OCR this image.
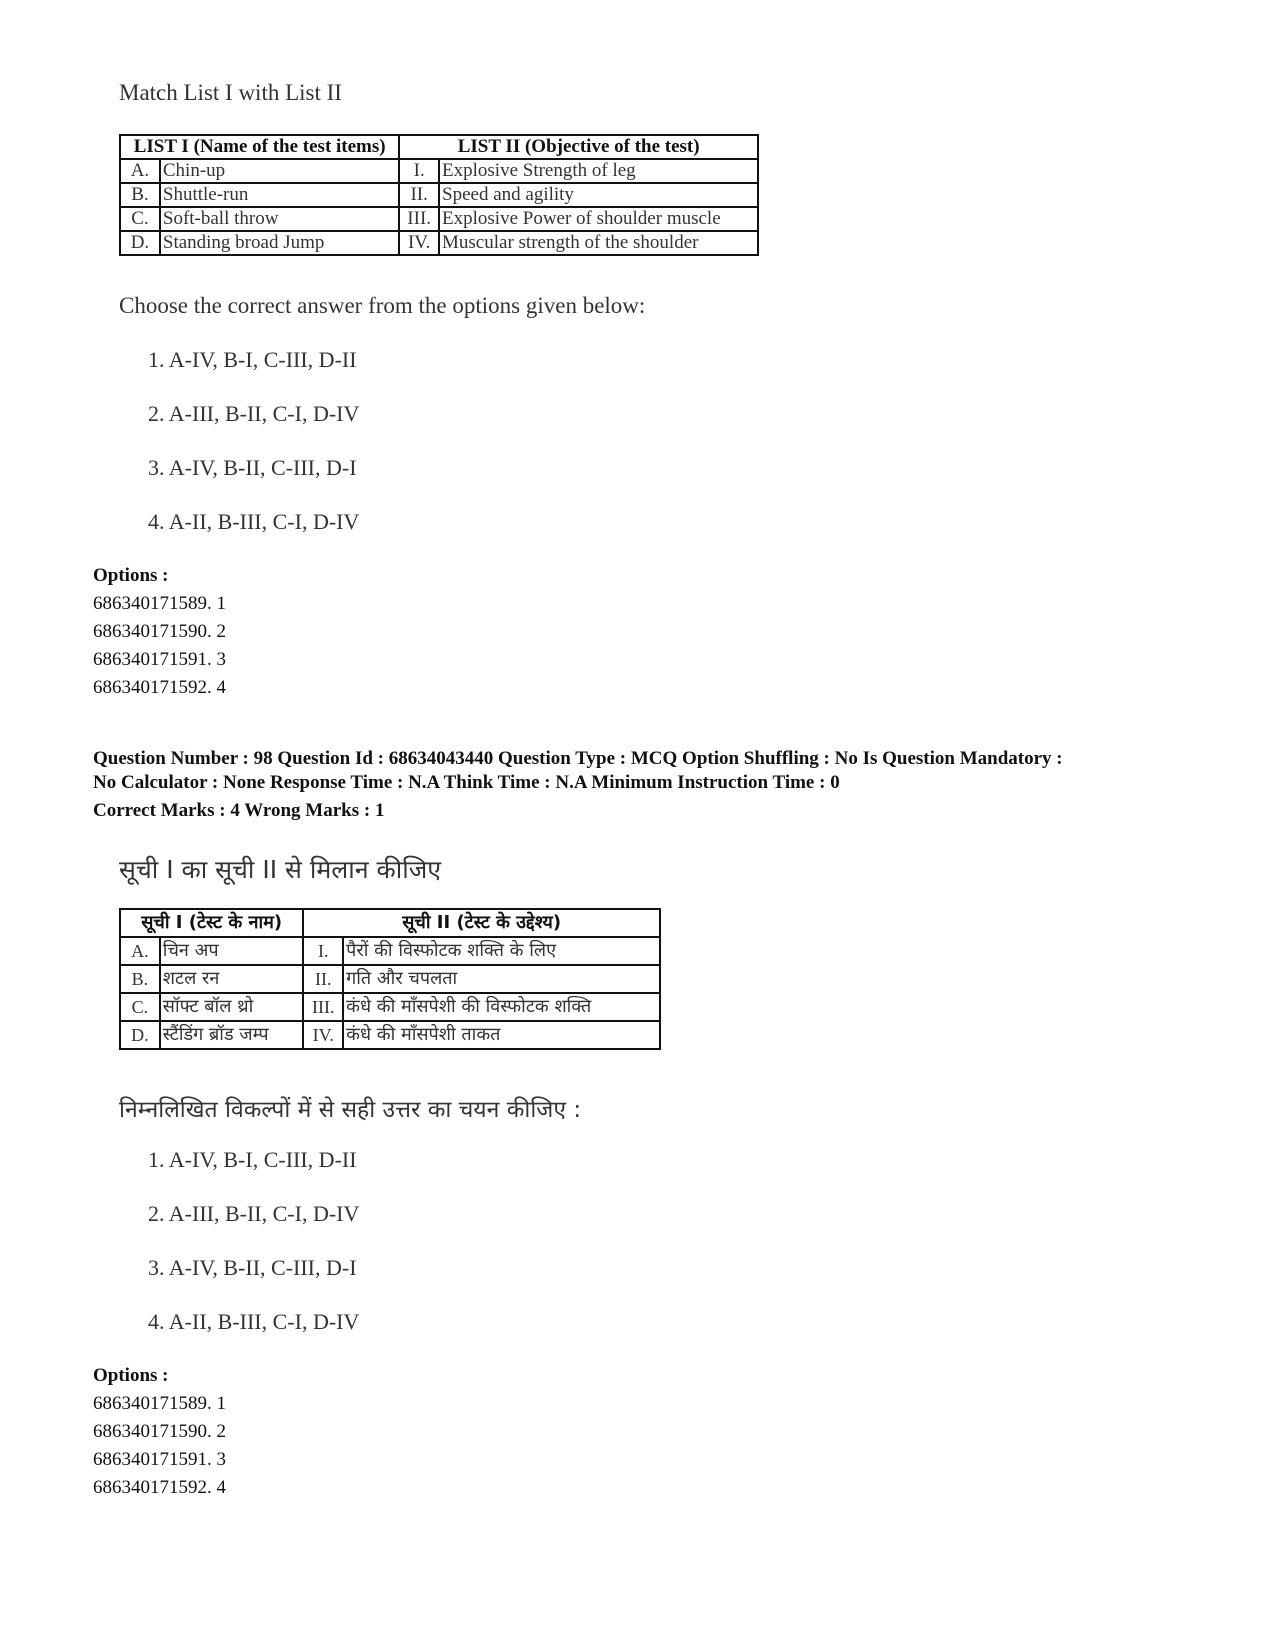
Match List I with List II
LIST I (Name of the test items)		LIST II (Objective of the test)	
A.	Chin-up	I.	Explosive Strength of leg
B.	Shuttle-run	II.	Speed and agility
C.	Soft-ball throw	III.	Explosive Power of shoulder muscle
D.	Standing broad Jump	IV.	Muscular strength of the shoulder
Choose the correct answer from the options given below:
1. A-IV, B-I, C-III, D-II
2. A-III, B-II, C-I, D-IV
3. A-IV, B-II, C-III, D-I
4. A-II, B-III, C-I, D-IV
Options :
686340171589. 1
686340171590. 2
686340171591. 3
686340171592. 4
Question Number : 98 Question Id : 68634043440 Question Type : MCQ Option Shuffling : No Is Question Mandatory :
No Calculator : None Response Time : N.A Think Time : N.A Minimum Instruction Time : 0
Correct Marks : 4 Wrong Marks : 1
सूची I का सूची II से मिलान कीजिए
सूची I (टेस्ट के नाम)		सूची II (टेस्ट के उद्देश्य)	
A.	चिन अप	I.	पैरों की विस्फोटक शक्ति के लिए
B.	शटल रन	II.	गति और चपलता
C.	सॉफ्ट बॉल थ्रो	III.	कंधे की माँसपेशी की विस्फोटक शक्ति
D.	स्टैंडिंग ब्रॉड जम्प	IV.	कंधे की माँसपेशी ताकत
निम्नलिखित विकल्पों में से सही उत्तर का चयन कीजिए :
1. A-IV, B-I, C-III, D-II
2. A-III, B-II, C-I, D-IV
3. A-IV, B-II, C-III, D-I
4. A-II, B-III, C-I, D-IV
Options :
686340171589. 1
686340171590. 2
686340171591. 3
686340171592. 4
